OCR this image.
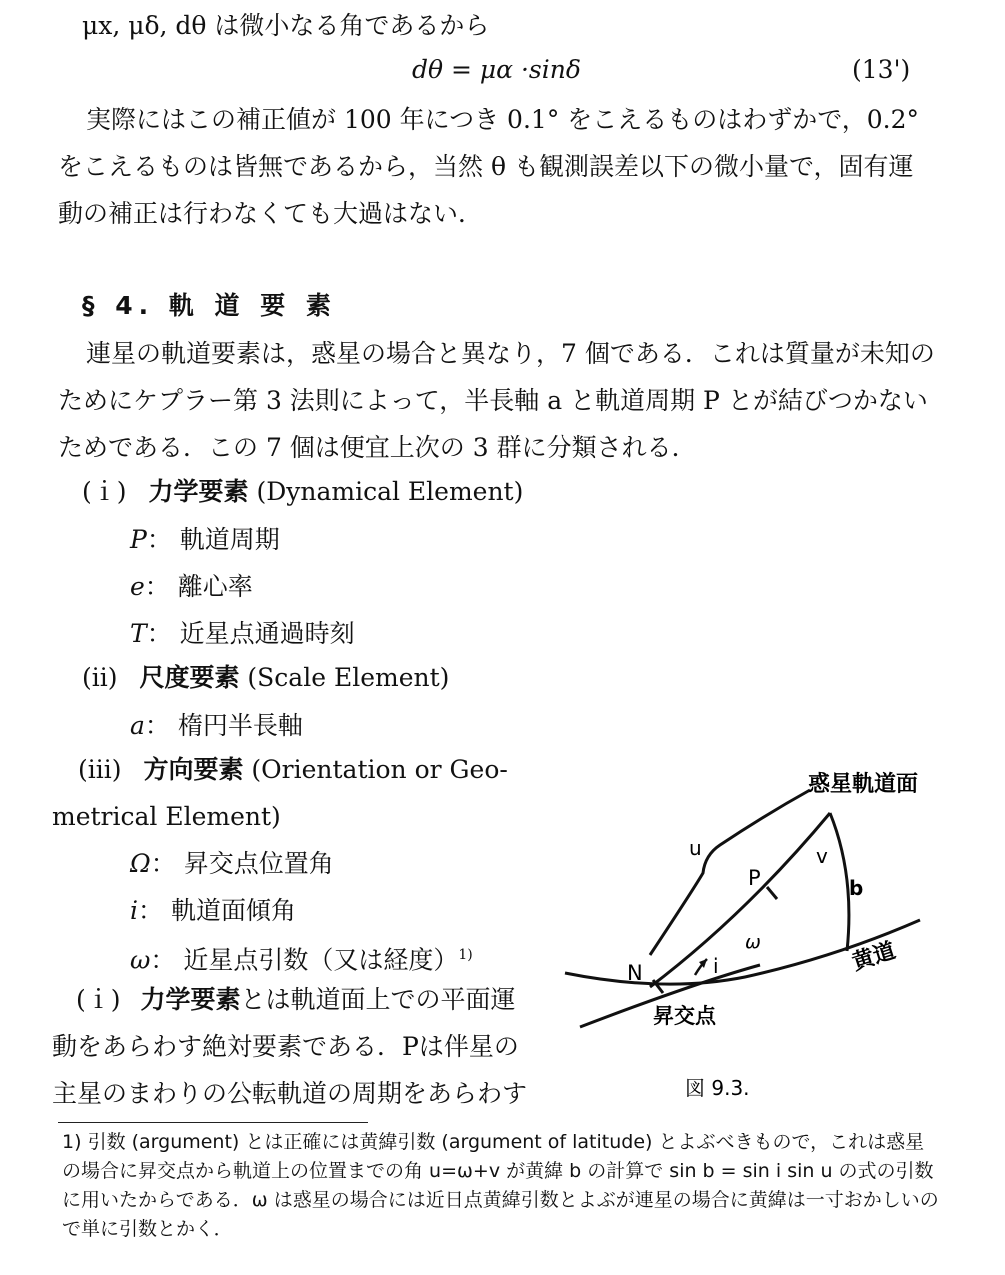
μx, μδ, dθ は微小なる角であるから
dθ = μα ·sinδ	(13')
実際にはこの補正値が 100 年につき 0.1° をこえるものはわずかで，0.2° をこえるものは皆無であるから，当然 θ も観測誤差以下の微小量で，固有運動の補正は行わなくても大過はない．
§ 4. 軌 道 要 素
連星の軌道要素は，惑星の場合と異なり，7 個である．これは質量が未知のためにケプラー第 3 法則によって，半長軸 a と軌道周期 P とが結びつかないためである．この 7 個は便宜上次の 3 群に分類される．
(ｉ) 力学要素 (Dynamical Element)
P： 軌道周期
e： 離心率
T： 近星点通過時刻
(ii) 尺度要素 (Scale Element)
a： 楕円半長軸
(iii) 方向要素 (Orientation or Geo-
metrical Element)
Ω： 昇交点位置角
i： 軌道面傾角
ω： 近星点引数（又は経度）$^{1)}$
(ｉ) 力学要素とは軌道面上での平面運動をあらわす絶対要素である．Pは伴星の主星のまわりの公転軌道の周期をあらわす
惑星軌道面
黄道
昇交点
u	v
b
P
N
ω
i
図 9.3.
1) 引数 (argument) とは正確には黄緯引数 (argument of latitude) とよぶべきもので，これは惑星の場合に昇交点から軌道上の位置までの角 u=ω+v が黄緯 b の計算で sin b = sin i sin u の式の引数に用いたからである．ω は惑星の場合には近日点黄緯引数とよぶが連星の場合に黄緯は一寸おかしいので単に引数とかく．
